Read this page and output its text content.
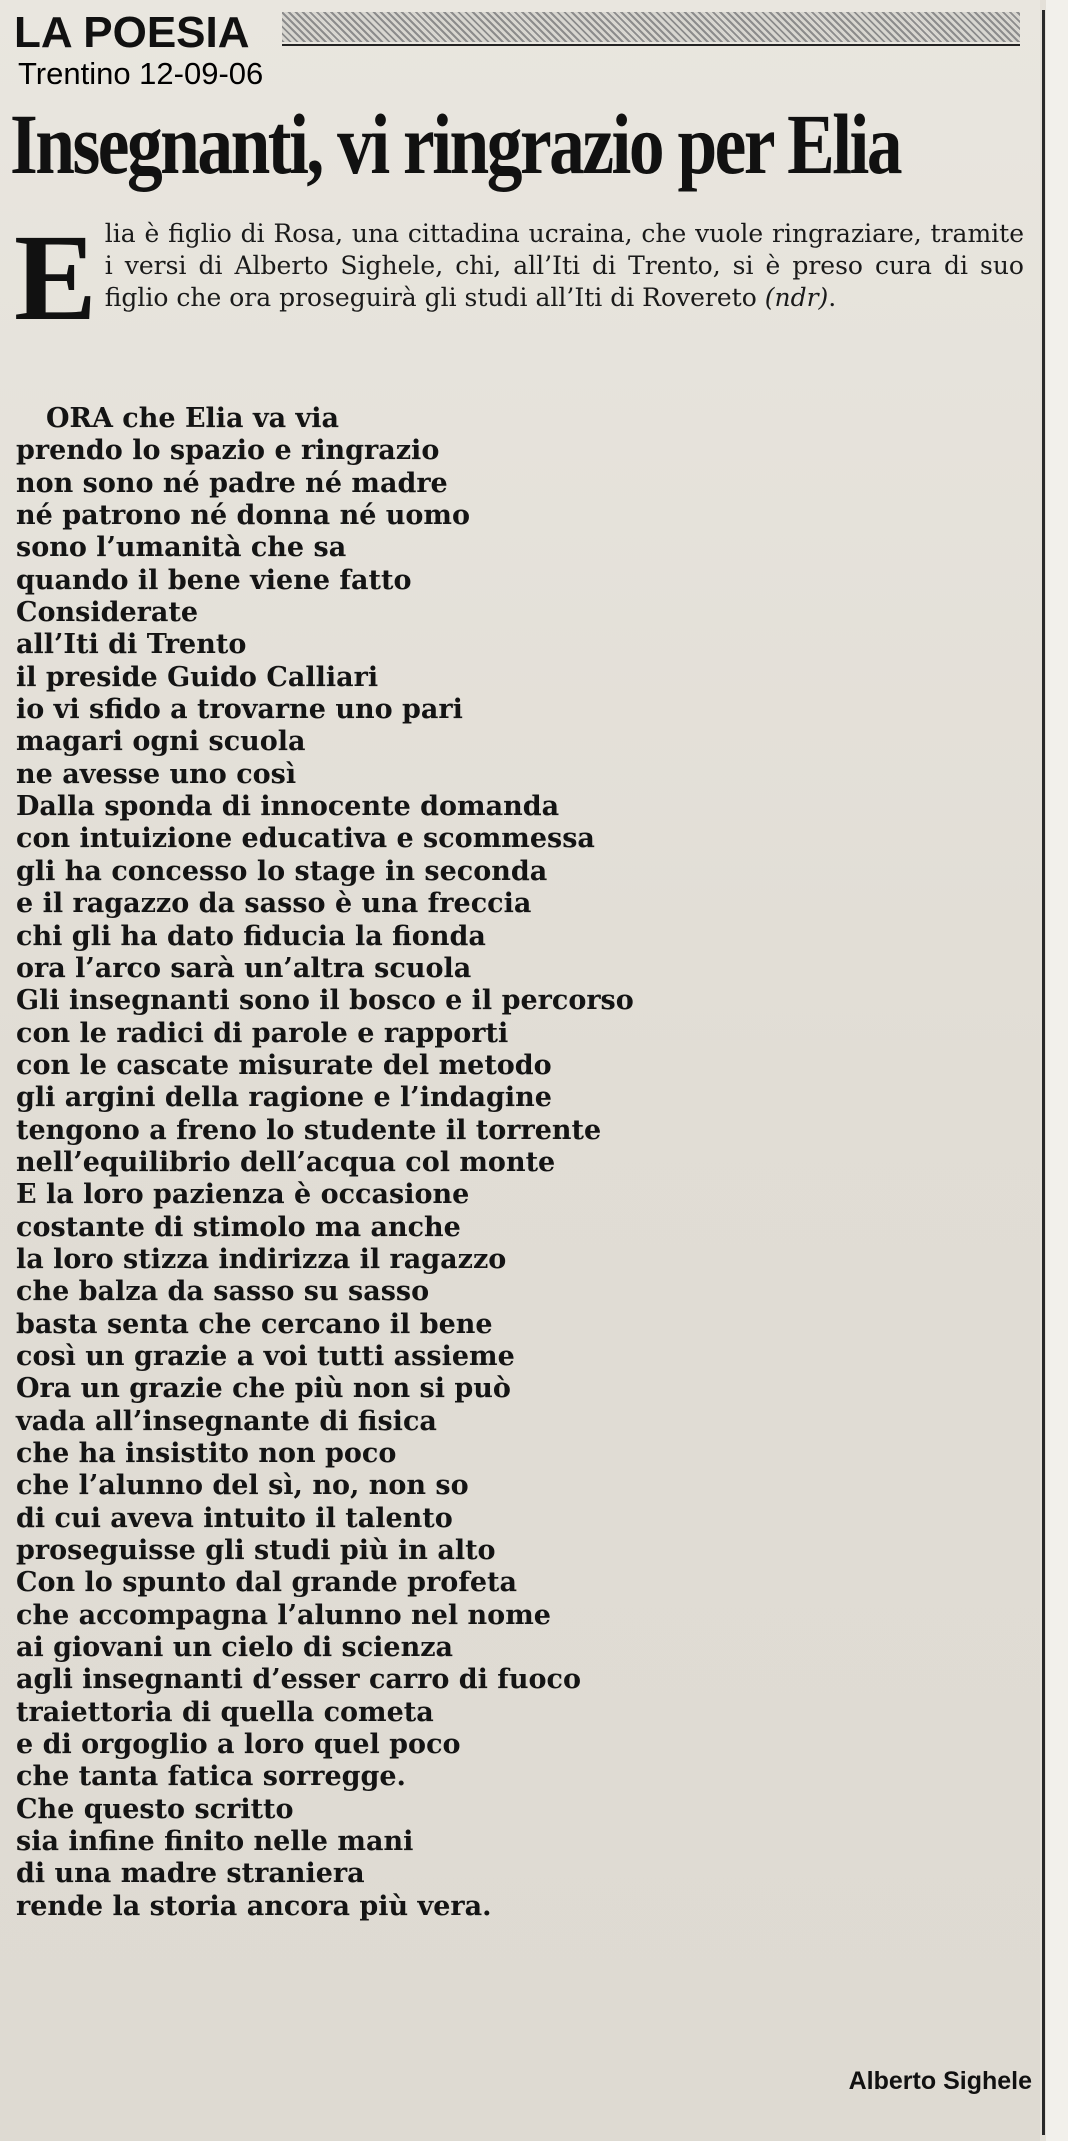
LA POESIA

Trentino 12-09-06

Insegnanti, vi ringrazio per Elia
E lia è figlio di Rosa, una cittadina ucraina, che vuole ringraziare, tramite i versi di Alberto Sighele, chi, all’Iti di Trento, si è preso cura di suo figlio che ora proseguirà gli studi all’Iti di Rovereto (ndr).

ORA che Elia va via
prendo lo spazio e ringrazio
non sono né padre né madre
né patrono né donna né uomo
sono l’umanità che sa
quando il bene viene fatto
Considerate
all’Iti di Trento
il preside Guido Calliari
io vi sfido a trovarne uno pari
magari ogni scuola
ne avesse uno così
Dalla sponda di innocente domanda
con intuizione educativa e scommessa
gli ha concesso lo stage in seconda
e il ragazzo da sasso è una freccia
chi gli ha dato fiducia la fionda
ora l’arco sarà un’altra scuola
Gli insegnanti sono il bosco e il percorso
con le radici di parole e rapporti
con le cascate misurate del metodo
gli argini della ragione e l’indagine
tengono a freno lo studente il torrente
nell’equilibrio dell’acqua col monte
E la loro pazienza è occasione
costante di stimolo ma anche
la loro stizza indirizza il ragazzo
che balza da sasso su sasso
basta senta che cercano il bene
così un grazie a voi tutti assieme
Ora un grazie che più non si può
vada all’insegnante di fisica
che ha insistito non poco
che l’alunno del sì, no, non so
di cui aveva intuito il talento
proseguisse gli studi più in alto
Con lo spunto dal grande profeta
che accompagna l’alunno nel nome
ai giovani un cielo di scienza
agli insegnanti d’esser carro di fuoco
traiettoria di quella cometa
e di orgoglio a loro quel poco
che tanta fatica sorregge.
Che questo scritto
sia infine finito nelle mani
di una madre straniera
rende la storia ancora più vera.

Alberto Sighele
